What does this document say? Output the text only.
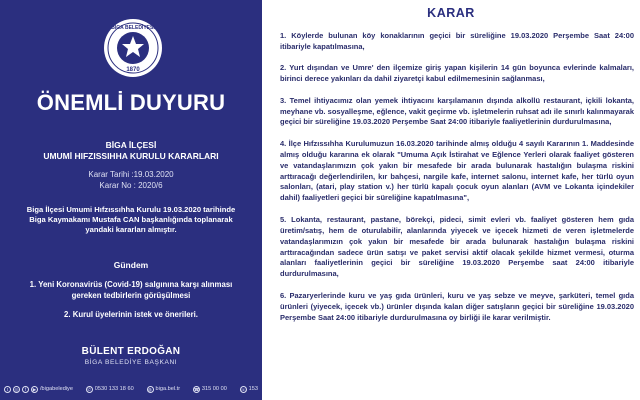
BİGA BELEDİYESİ
1870
ÖNEMLİ DUYURU
BİGA İLÇESİ
UMUMİ HIFZISSIHHA KURULU KARARLARI
Karar Tarihi :19.03.2020
Karar No : 2020/6
Biga İlçesi Umumi Hıfzıssıhha Kurulu 19.03.2020 tarihinde Biga Kaymakamı Mustafa CAN başkanlığında toplanarak yandaki kararları almıştır.
Gündem
1. Yeni Koronavirüs (Covid-19) salgınına karşı alınması gereken tedbirlerin görüşülmesi
2. Kurul üyelerinin istek ve önerileri.
BÜLENT ERDOĞAN
BİGA BELEDİYE BAŞKANI
t	◎	f	▶ /bigabelediye	✆ 0530 133 18 60	◍ biga.bel.tr	☎ 315 00 00	☏ 153
KARAR

1. Köylerde bulunan köy konaklarının geçici bir süreliğine 19.03.2020 Perşembe Saat 24:00 itibariyle kapatılmasına,

2. Yurt dışından ve Umre' den ilçemize giriş yapan kişilerin 14 gün boyunca evlerinde kalmaları, birinci derece yakınları da dahil ziyaretçi kabul edilmemesinin sağlanması,

3. Temel ihtiyacımız olan yemek ihtiyacını karşılamanın dışında alkollü restaurant, içkili lokanta, meyhane vb. sosyalleşme, eğlence, vakit geçirme vb. işletmelerin ruhsat adı ile sınırlı kalınmayarak geçici bir süreliğine 19.03.2020 Perşembe Saat 24:00 itibariyle faaliyetlerinin durdurulmasına,

4. İlçe Hıfzıssıhha Kurulumuzun 16.03.2020 tarihinde almış olduğu 4 sayılı Kararının 1. Maddesinde almış olduğu kararına ek olarak "Umuma Açık İstirahat ve Eğlence Yerleri olarak faaliyet gösteren ve vatandaşlarımızın çok yakın bir mesafede bir arada bulunarak hastalığın bulaşma riskini arttıracağı değerlendirilen, kır bahçesi, nargile kafe, internet salonu, internet kafe, her türlü oyun salonları, (atari, play station v.) her türlü kapalı çocuk oyun alanları (AVM ve Lokanta içindekiler dahil) faaliyetleri geçici bir süreliğine kapatılmasına",

5. Lokanta, restaurant, pastane, börekçi, pideci, simit evleri vb. faaliyet gösteren hem gıda üretim/satış, hem de oturulabilir, alanlarında yiyecek ve içecek hizmeti de veren işletmelerde vatandaşlarımızın çok yakın bir mesafede bir arada bulunarak hastalığın bulaşma riskini arttıracağından sadece ürün satışı ve paket servisi aktif olacak şekilde hizmet vermesi, oturma alanları faaliyetlerinin geçici bir süreliğine 19.03.2020 Perşembe saat 24:00 itibariyle durdurulmasına,

6. Pazaryerlerinde kuru ve yaş gıda ürünleri, kuru ve yaş sebze ve meyve, şarküteri, temel gıda ürünleri (yiyecek, içecek vb.) ürünler dışında kalan diğer satışların geçici bir süreliğine 19.03.2020 Perşembe Saat 24:00 itibariyle durdurulmasına oy birliği ile karar verilmiştir.
